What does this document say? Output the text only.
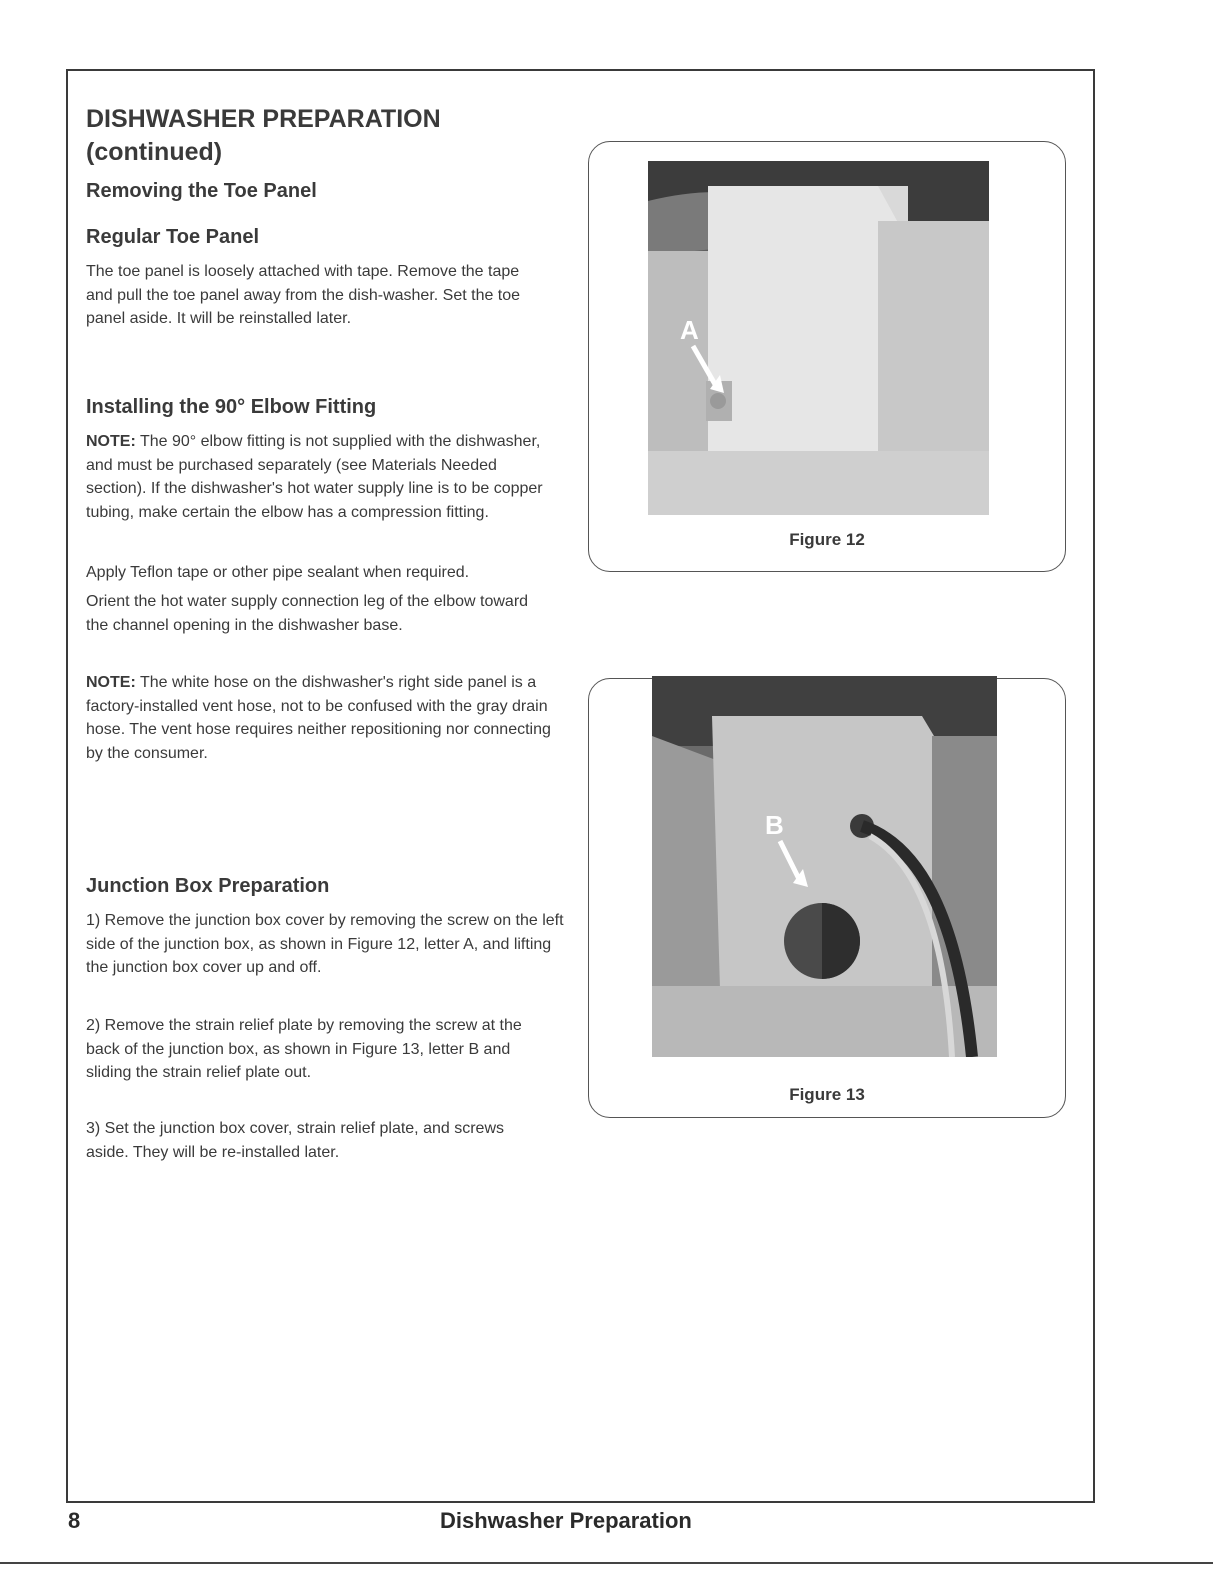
DISHWASHER PREPARATION
(continued)
Removing the Toe Panel
Regular Toe Panel

The toe panel is loosely attached with tape. Remove the tape and pull the toe panel away from the dish-washer. Set the toe panel aside. It will be reinstalled later.

Installing the 90° Elbow Fitting

NOTE: The 90° elbow fitting is not supplied with the dishwasher, and must be purchased separately (see Materials Needed section). If the dishwasher's hot water supply line is to be copper tubing, make certain the elbow has a compression fitting.

Apply Teflon tape or other pipe sealant when required.

Orient the hot water supply connection leg of the elbow toward the channel opening in the dishwasher base.

NOTE: The white hose on the dishwasher's right side panel is a factory-installed vent hose, not to be confused with the gray drain hose. The vent hose requires neither repositioning nor connecting by the consumer.

Junction Box Preparation

1) Remove the junction box cover by removing the screw on the left side of the junction box, as shown in Figure 12, letter A, and lifting the junction box cover up and off.

2) Remove the strain relief plate by removing the screw at the back of the junction box, as shown in Figure 13, letter B and sliding the strain relief plate out.

3) Set the junction box cover, strain relief plate, and screws aside. They will be re-installed later.

A
Figure 12
B
Figure 13
8	Dishwasher Preparation
